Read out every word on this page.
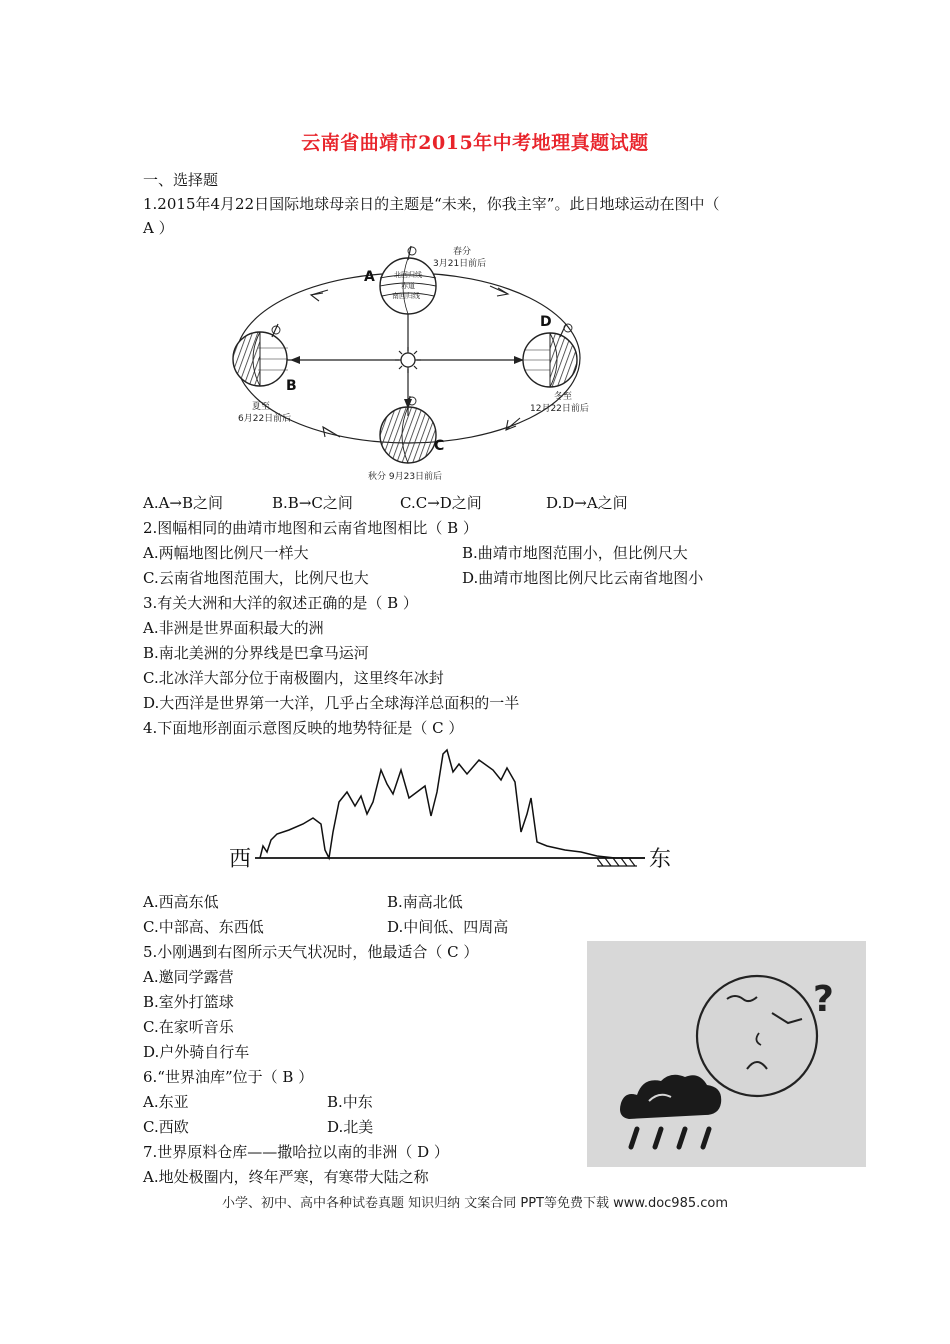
云南省曲靖市2015年中考地理真题试题
一、选择题
1.2015年4月22日国际地球母亲日的主题是“未来，你我主宰”。此日地球运动在图中（
A ）
北回归线
赤道
南回归线
A
春分
3月21日前后
B
夏至
6月22日前后
C
秋分 9月23日前后
D
冬至
12月22日前后
A.A→B之间	B.B→C之间	C.C→D之间	D.D→A之间
2.图幅相同的曲靖市地图和云南省地图相比（ B ）
A.两幅地图比例尺一样大	B.曲靖市地图范围小，但比例尺大
C.云南省地图范围大，比例尺也大	D.曲靖市地图比例尺比云南省地图小
3.有关大洲和大洋的叙述正确的是（ B ）
A.非洲是世界面积最大的洲
B.南北美洲的分界线是巴拿马运河
C.北冰洋大部分位于南极圈内，这里终年冰封
D.大西洋是世界第一大洋，几乎占全球海洋总面积的一半
4.下面地形剖面示意图反映的地势特征是（ C ）
西	东
A.西高东低	B.南高北低
C.中部高、东西低	D.中间低、四周高
5.小刚遇到右图所示天气状况时，他最适合（ C ）
A.邀同学露营
B.室外打篮球
C.在家听音乐
D.户外骑自行车
?
6.“世界油库”位于（ B ）
A.东亚	B.中东
C.西欧	D.北美
7.世界原料仓库——撒哈拉以南的非洲（ D ）
A.地处极圈内，终年严寒，有寒带大陆之称
小学、初中、高中各种试卷真题 知识归纳 文案合同 PPT等免费下载 www.doc985.com
